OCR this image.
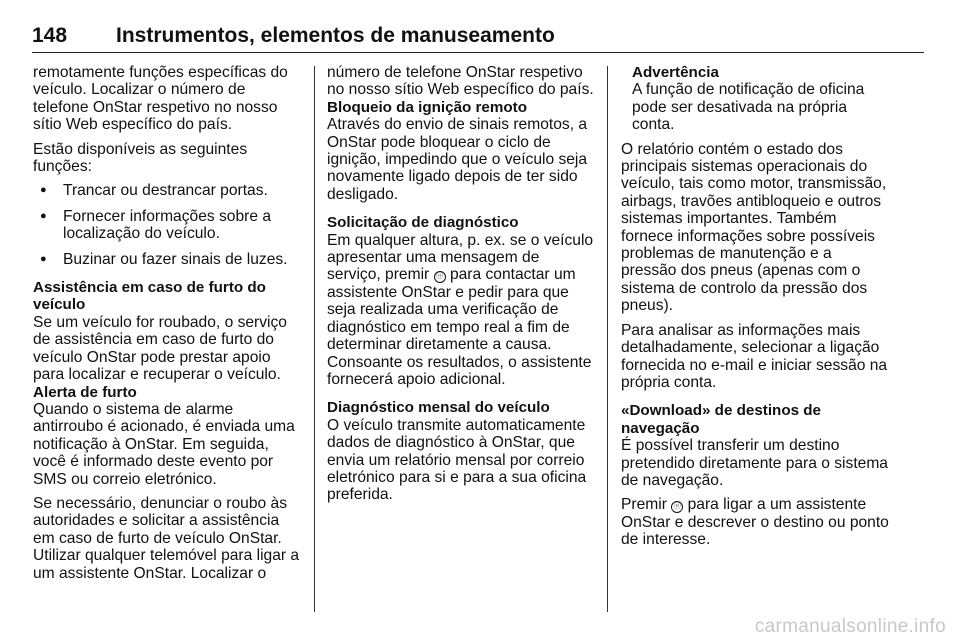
148 Instrumentos, elementos de manuseamento

remotamente funções específicas do veículo. Localizar o número de telefone OnStar respetivo no nosso sítio Web específico do país.

Estão disponíveis as seguintes funções:

● Trancar ou destrancar portas.
● Fornecer informações sobre a localização do veículo.
● Buzinar ou fazer sinais de luzes.
Assistência em caso de furto do veículo

Se um veículo for roubado, o serviço de assistência em caso de furto do veículo OnStar pode prestar apoio para localizar e recuperar o veículo.

Alerta de furto

Quando o sistema de alarme antirroubo é acionado, é enviada uma notificação à OnStar. Em seguida, você é informado deste evento por SMS ou correio eletrónico.

Se necessário, denunciar o roubo às autoridades e solicitar a assistência em caso de furto de veículo OnStar. Utilizar qualquer telemóvel para ligar a um assistente OnStar. Localizar o

número de telefone OnStar respetivo no nosso sítio Web específico do país.

Bloqueio da ignição remoto

Através do envio de sinais remotos, a OnStar pode bloquear o ciclo de ignição, impedindo que o veículo seja novamente ligado depois de ter sido desligado.

Solicitação de diagnóstico

Em qualquer altura, p. ex. se o veículo apresentar uma mensagem de serviço, premir ⓞ para contactar um assistente OnStar e pedir para que seja realizada uma verificação de diagnóstico em tempo real a fim de determinar diretamente a causa. Consoante os resultados, o assistente fornecerá apoio adicional.

Diagnóstico mensal do veículo

O veículo transmite automaticamente dados de diagnóstico à OnStar, que envia um relatório mensal por correio eletrónico para si e para a sua oficina preferida.

Advertência

A função de notificação de oficina pode ser desativada na própria conta.

O relatório contém o estado dos principais sistemas operacionais do veículo, tais como motor, transmissão, airbags, travões antibloqueio e outros sistemas importantes. Também fornece informações sobre possíveis problemas de manutenção e a pressão dos pneus (apenas com o sistema de controlo da pressão dos pneus).

Para analisar as informações mais detalhadamente, selecionar a ligação fornecida no e-mail e iniciar sessão na própria conta.

«Download» de destinos de navegação

É possível transferir um destino pretendido diretamente para o sistema de navegação.

Premir ⓞ para ligar a um assistente OnStar e descrever o destino ou ponto de interesse.

carmanualsonline.info
